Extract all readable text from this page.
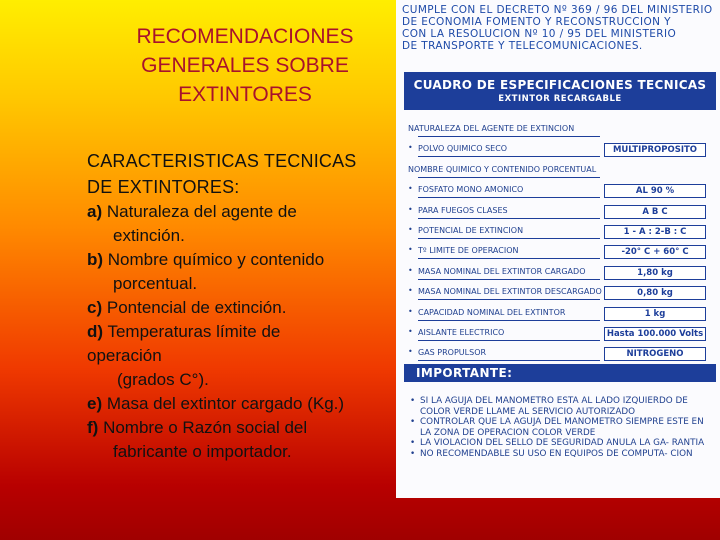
RECOMENDACIONES
GENERALES SOBRE
EXTINTORES
CARACTERISTICAS TECNICAS
DE EXTINTORES:
a) Naturaleza del agente de
extinción.
b) Nombre químico y contenido
porcentual.
c) Pontencial de extinción.
d) Temperaturas límite de
operación
(grados C°).
e) Masa del extintor cargado (Kg.)
f) Nombre o Razón social del
fabricante o importador.
CUMPLE CON EL DECRETO Nº 369 / 96 DEL MINISTERIO
DE ECONOMIA FOMENTO Y RECONSTRUCCION Y
CON LA RESOLUCION Nº 10 / 95 DEL MINISTERIO
DE TRANSPORTE Y TELECOMUNICACIONES.
CUADRO DE ESPECIFICACIONES TECNICAS
EXTINTOR RECARGABLE
NATURALEZA DEL AGENTE DE EXTINCION
• POLVO QUIMICO SECO	MULTIPROPOSITO
NOMBRE QUIMICO Y CONTENIDO PORCENTUAL
• FOSFATO MONO AMONICO	AL 90 %
• PARA FUEGOS CLASES	A B C
• POTENCIAL DE EXTINCION	1 - A : 2-B : C
• Tº LIMITE DE OPERACION	-20° C + 60° C
• MASA NOMINAL DEL EXTINTOR CARGADO	1,80 kg
• MASA NOMINAL DEL EXTINTOR DESCARGADO	0,80 kg
• CAPACIDAD NOMINAL DEL EXTINTOR	1 kg
• AISLANTE ELECTRICO	Hasta 100.000 Volts
• GAS PROPULSOR	NITROGENO
IMPORTANTE:
• SI LA AGUJA DEL MANOMETRO ESTA AL LADO IZQUIERDO DE COLOR VERDE LLAME AL SERVICIO AUTORIZADO
• CONTROLAR QUE LA AGUJA DEL MANOMETRO SIEMPRE ESTE EN LA ZONA DE OPERACION COLOR VERDE
• LA VIOLACION DEL SELLO DE SEGURIDAD ANULA LA GA- RANTIA
• NO RECOMENDABLE SU USO EN EQUIPOS DE COMPUTA- CION
